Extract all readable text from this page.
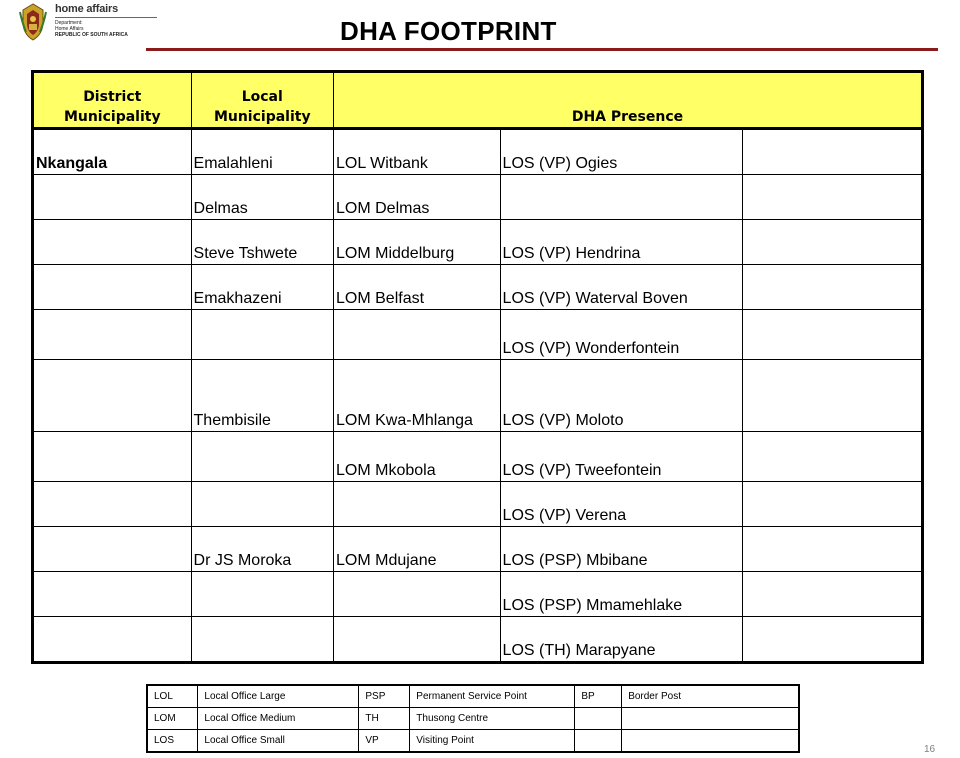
home affairs
Department:
Home Affairs
REPUBLIC OF SOUTH AFRICA	DHA FOOTPRINT
District Municipality	Local Municipality	DHA Presence		
Nkangala	Emalahleni	LOL Witbank	LOS (VP) Ogies	
	Delmas	LOM Delmas		
	Steve Tshwete	LOM Middelburg	LOS (VP) Hendrina	
	Emakhazeni	LOM Belfast	LOS (VP) Waterval Boven	
			LOS (VP) Wonderfontein	
	Thembisile	LOM Kwa-Mhlanga	LOS (VP) Moloto	
		LOM Mkobola	LOS (VP) Tweefontein	
			LOS (VP) Verena	
	Dr JS Moroka	LOM Mdujane	LOS (PSP) Mbibane	
			LOS (PSP) Mmamehlake	
			LOS (TH) Marapyane	
LOL	Local Office Large	PSP	Permanent Service Point	BP	Border Post
LOM	Local Office Medium	TH	Thusong Centre		
LOS	Local Office Small	VP	Visiting Point		
16
